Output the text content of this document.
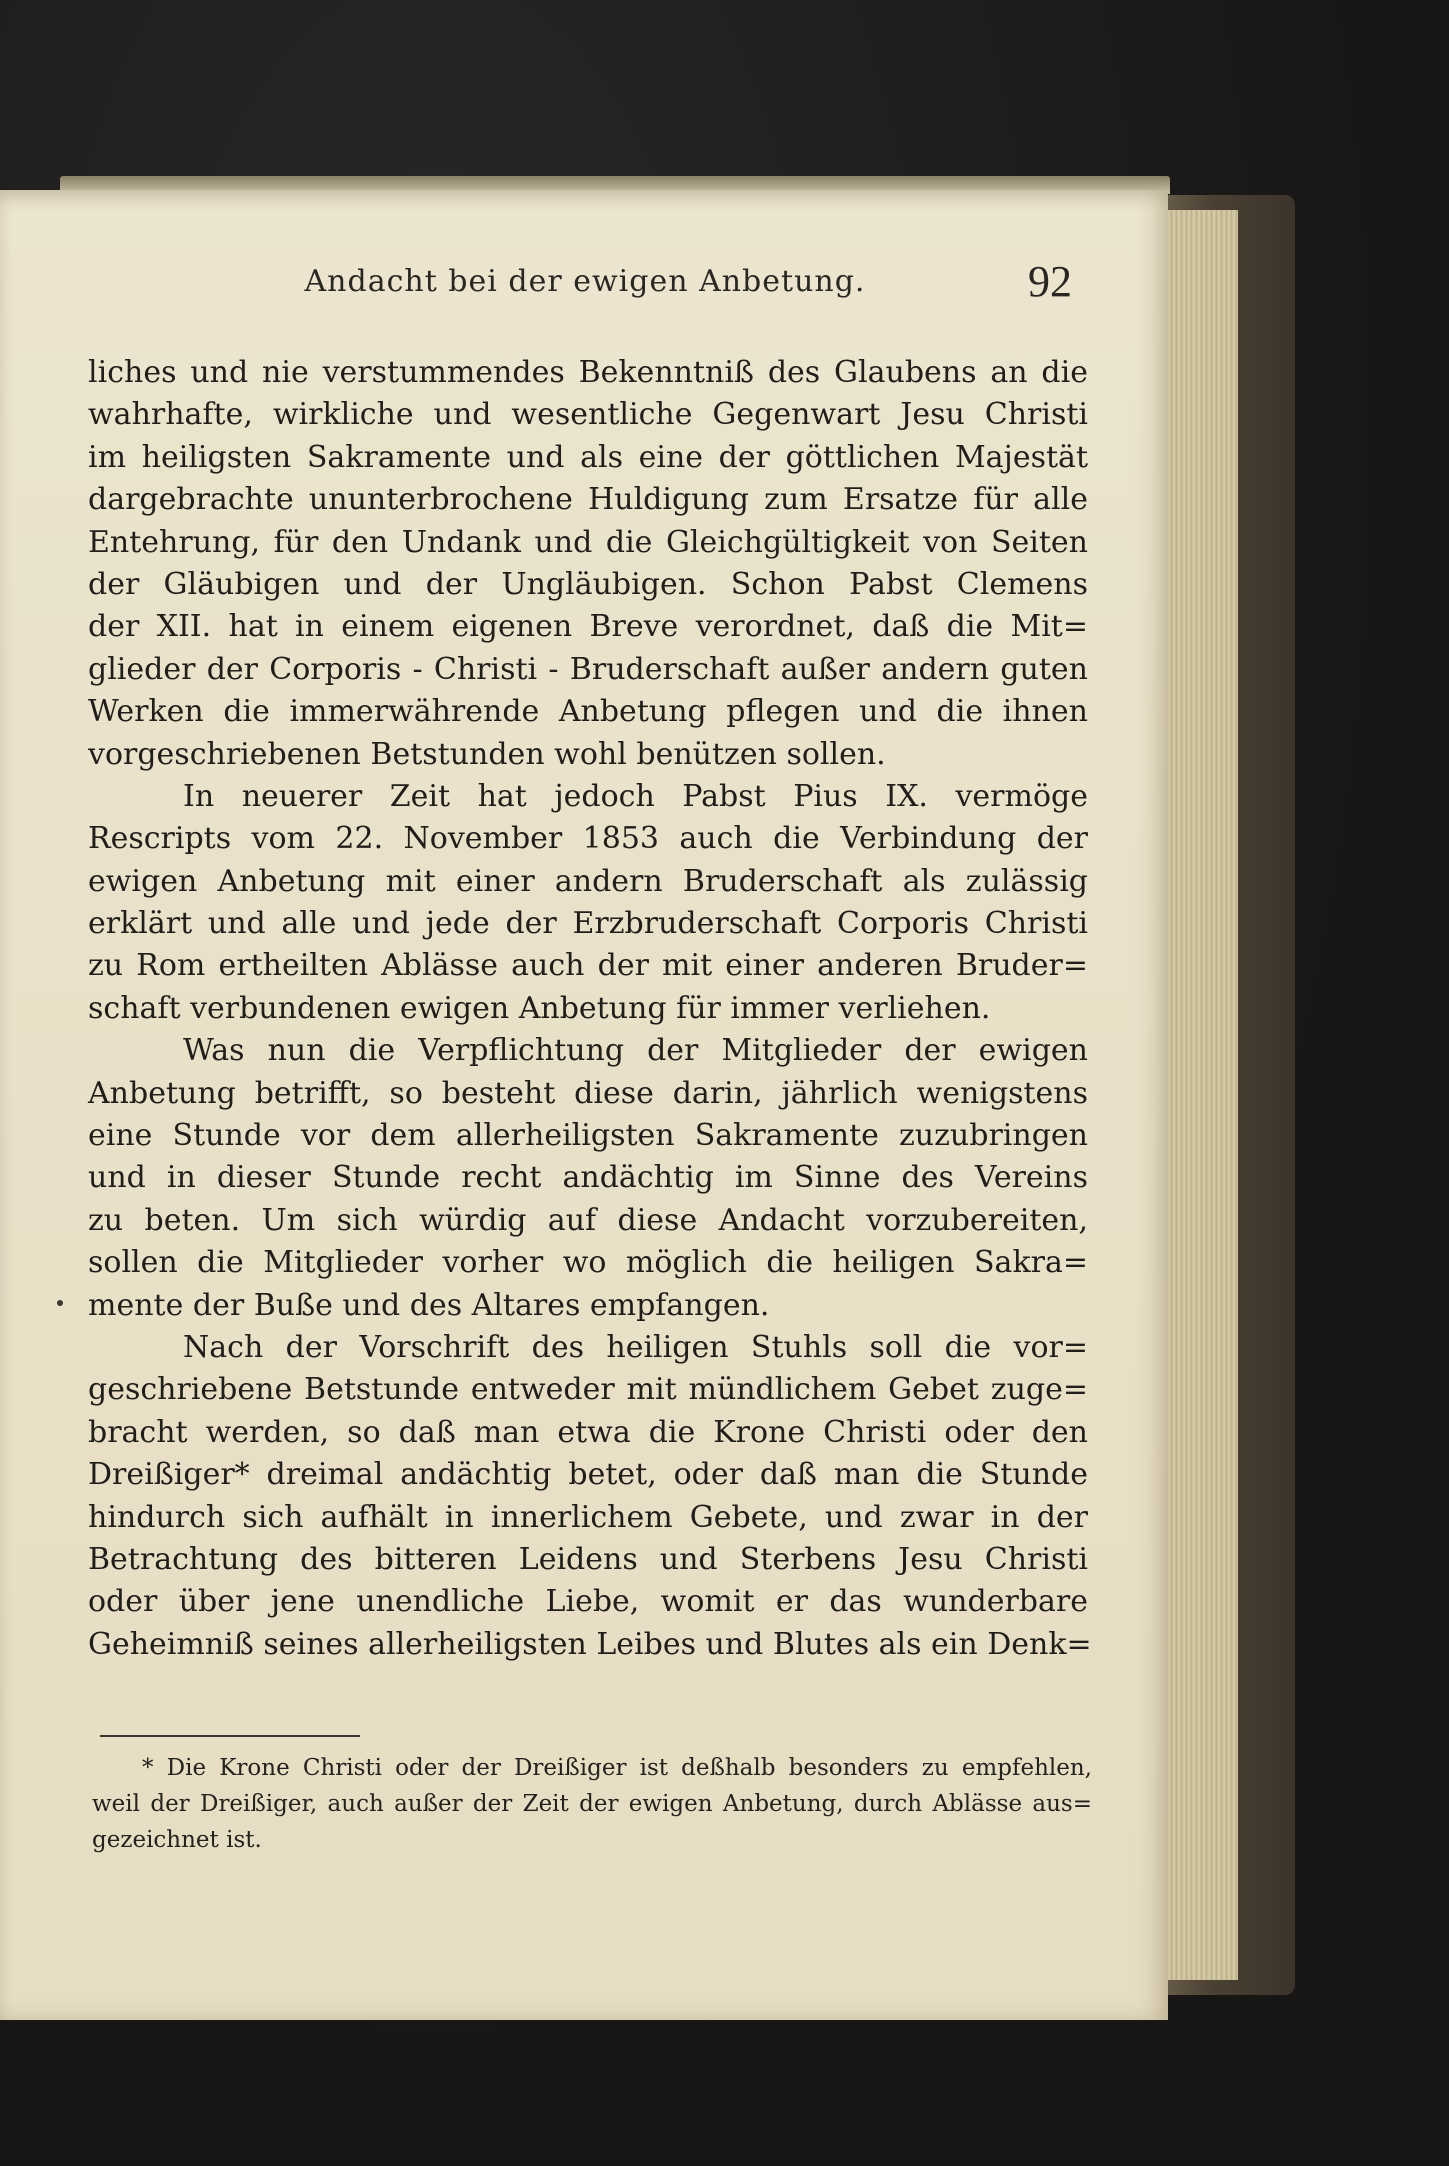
Andacht bei der ewigen Anbetung.	92
liches und nie verstummendes Bekenntniß des Glaubens an die
wahrhafte, wirkliche und wesentliche Gegenwart Jesu Christi
im heiligsten Sakramente und als eine der göttlichen Majestät
dargebrachte ununterbrochene Huldigung zum Ersatze für alle
Entehrung, für den Undank und die Gleichgültigkeit von Seiten
der Gläubigen und der Ungläubigen. Schon Pabst Clemens
der XII. hat in einem eigenen Breve verordnet, daß die Mit=
glieder der Corporis - Christi - Bruderschaft außer andern guten
Werken die immerwährende Anbetung pflegen und die ihnen
vorgeschriebenen Betstunden wohl benützen sollen.
In neuerer Zeit hat jedoch Pabst Pius IX. vermöge
Rescripts vom 22. November 1853 auch die Verbindung der
ewigen Anbetung mit einer andern Bruderschaft als zulässig
erklärt und alle und jede der Erzbruderschaft Corporis Christi
zu Rom ertheilten Ablässe auch der mit einer anderen Bruder=
schaft verbundenen ewigen Anbetung für immer verliehen.
Was nun die Verpflichtung der Mitglieder der ewigen
Anbetung betrifft, so besteht diese darin, jährlich wenigstens
eine Stunde vor dem allerheiligsten Sakramente zuzubringen
und in dieser Stunde recht andächtig im Sinne des Vereins
zu beten. Um sich würdig auf diese Andacht vorzubereiten,
sollen die Mitglieder vorher wo möglich die heiligen Sakra=
mente der Buße und des Altares empfangen.
Nach der Vorschrift des heiligen Stuhls soll die vor=
geschriebene Betstunde entweder mit mündlichem Gebet zuge=
bracht werden, so daß man etwa die Krone Christi oder den
Dreißiger* dreimal andächtig betet, oder daß man die Stunde
hindurch sich aufhält in innerlichem Gebete, und zwar in der
Betrachtung des bitteren Leidens und Sterbens Jesu Christi
oder über jene unendliche Liebe, womit er das wunderbare
Geheimniß seines allerheiligsten Leibes und Blutes als ein Denk=
* Die Krone Christi oder der Dreißiger ist deßhalb besonders zu empfehlen,
weil der Dreißiger, auch außer der Zeit der ewigen Anbetung, durch Ablässe aus=
gezeichnet ist.
